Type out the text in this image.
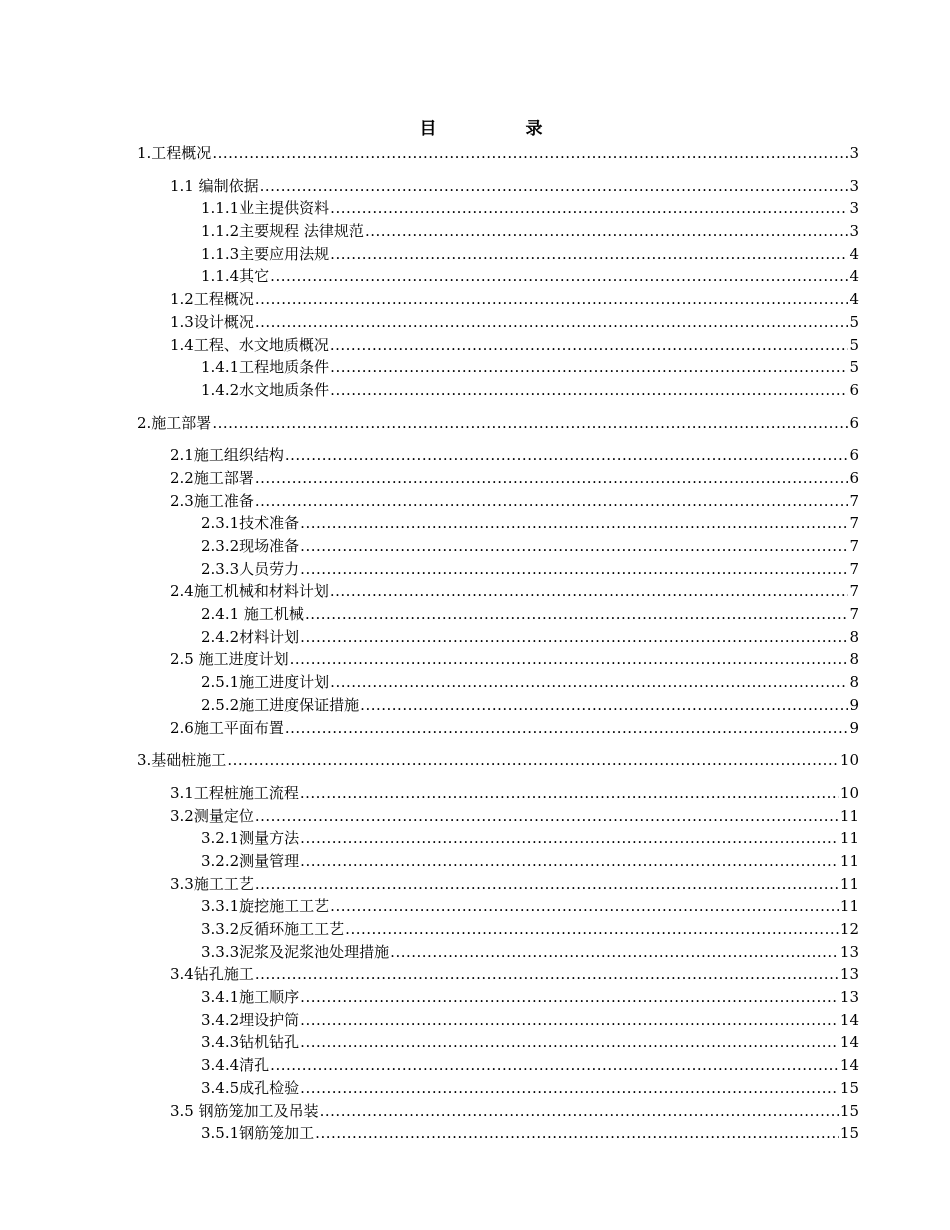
目　录
1.工程概况 .....	3
1.1 编制依据 .....	3
1.1.1业主提供资料 .....	3
1.1.2主要规程 法律规范 .....	3
1.1.3主要应用法规 .....	4
1.1.4其它 .....	4
1.2工程概况 .....	4
1.3设计概况 .....	5
1.4工程、水文地质概况 .....	5
1.4.1工程地质条件 .....	5
1.4.2水文地质条件 .....	6
2.施工部署 .....	6
2.1施工组织结构 .....	6
2.2施工部署 .....	6
2.3施工准备 .....	7
2.3.1技术准备 .....	7
2.3.2现场准备 .....	7
2.3.3人员劳力 .....	7
2.4施工机械和材料计划 .....	7
2.4.1 施工机械 .....	7
2.4.2材料计划 .....	8
2.5 施工进度计划 .....	8
2.5.1施工进度计划 .....	8
2.5.2施工进度保证措施 .....	9
2.6施工平面布置 .....	9
3.基础桩施工 .....	10
3.1工程桩施工流程 .....	10
3.2测量定位 .....	11
3.2.1测量方法 .....	11
3.2.2测量管理 .....	11
3.3施工工艺 .....	11
3.3.1旋挖施工工艺 .....	11
3.3.2反循环施工工艺 .....	12
3.3.3泥浆及泥浆池处理措施 .....	13
3.4钻孔施工 .....	13
3.4.1施工顺序 .....	13
3.4.2埋设护筒 .....	14
3.4.3钻机钻孔 .....	14
3.4.4清孔 .....	14
3.4.5成孔检验 .....	15
3.5 钢筋笼加工及吊装 .....	15
3.5.1钢筋笼加工 .....	15
